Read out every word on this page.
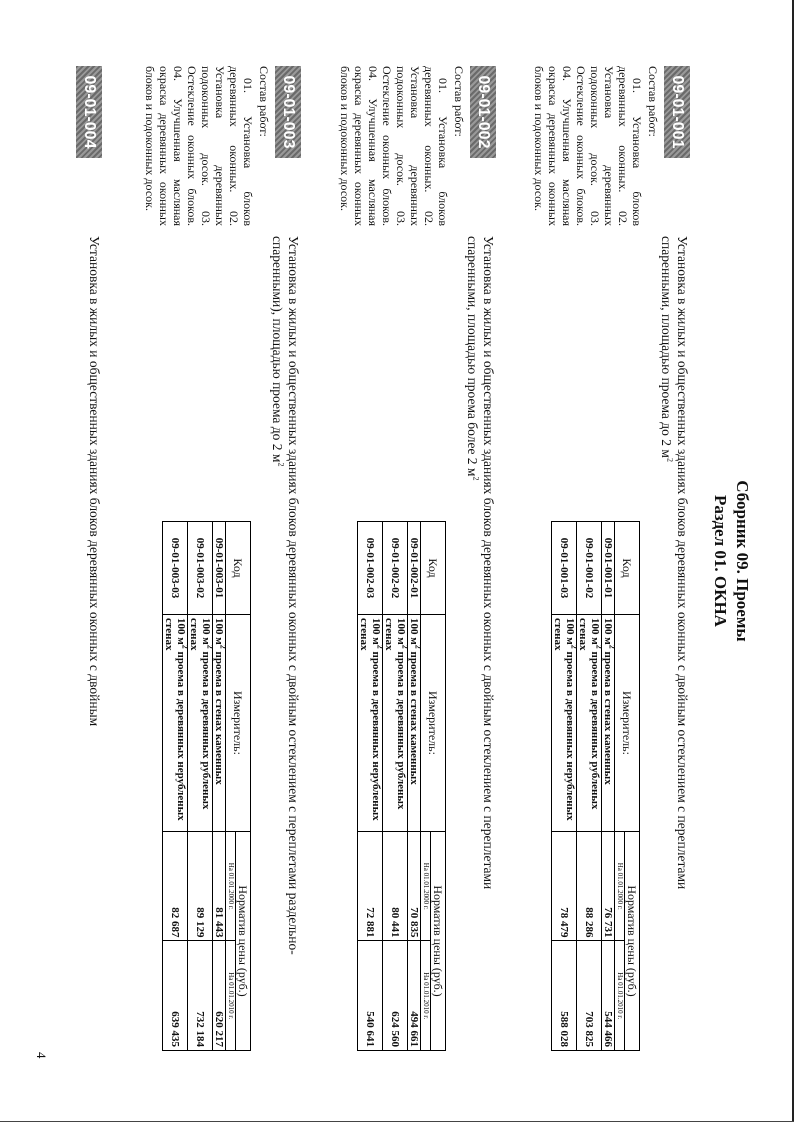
Сборник 09. Проемы
Раздел 01. ОКНА
09-01-001
Установка в жилых и общественных зданиях блоков деревянных оконных с двойным остеклением с переплетами спаренными, площадью проема до 2 $м^2$
Состав работ:
01. Установка блоков деревянных оконных. 02. Установка деревянных подоконных досок. 03. Остекление оконных блоков. 04. Улучшенная масляная окраска деревянных оконных блоков и подоконных досок.
Код	Измеритель:	Норматив цены (руб.)	
		На 01.01.2000 г.	На 01.01.2010 г.
09-01-001-01	100 $м^2$ проема в стенах каменных	76 731	544 466
09-01-001-02	100 $м^2$ проема в деревянных рубленых стенах	88 286	703 825
09-01-001-03	100 $м^2$ проема в деревянных нерубленых стенах	78 479	588 028
09-01-002
Установка в жилых и общественных зданиях блоков деревянных оконных с двойным остеклением с переплетами спаренными, площадью проема более 2 $м^2$
Состав работ:
01. Установка блоков деревянных оконных. 02. Установка деревянных подоконных досок. 03. Остекление оконных блоков. 04. Улучшенная масляная окраска деревянных оконных блоков и подоконных досок.
Код	Измеритель:	Норматив цены (руб.)	
		На 01.01.2000 г.	На 01.01.2010 г.
09-01-002-01	100 $м^2$ проема в стенах каменных	70 835	494 661
09-01-002-02	100 $м^2$ проема в деревянных рубленых стенах	80 441	624 560
09-01-002-03	100 $м^2$ проема в деревянных нерубленых стенах	72 881	540 641
09-01-003
Установка в жилых и общественных зданиях блоков деревянных оконных с двойным остеклением с переплетами раздельно-спаренными), площадью проема до 2 $м^2$
Состав работ:
01. Установка блоков деревянных оконных. 02. Установка деревянных подоконных досок. 03. Остекление оконных блоков. 04. Улучшенная масляная окраска деревянных оконных блоков и подоконных досок.
Код	Измеритель:	Норматив цены (руб.)	
		На 01.01.2000 г.	На 01.01.2010 г.
09-01-003-01	100 $м^2$ проема в стенах каменных	81 443	620 217
09-01-003-02	100 $м^2$ проема в деревянных рубленых стенах	89 129	732 184
09-01-003-03	100 $м^2$ проема в деревянных нерубленых стенах	82 687	639 435
09-01-004
Установка в жилых и общественных зданиях блоков деревянных оконных с двойным
4
